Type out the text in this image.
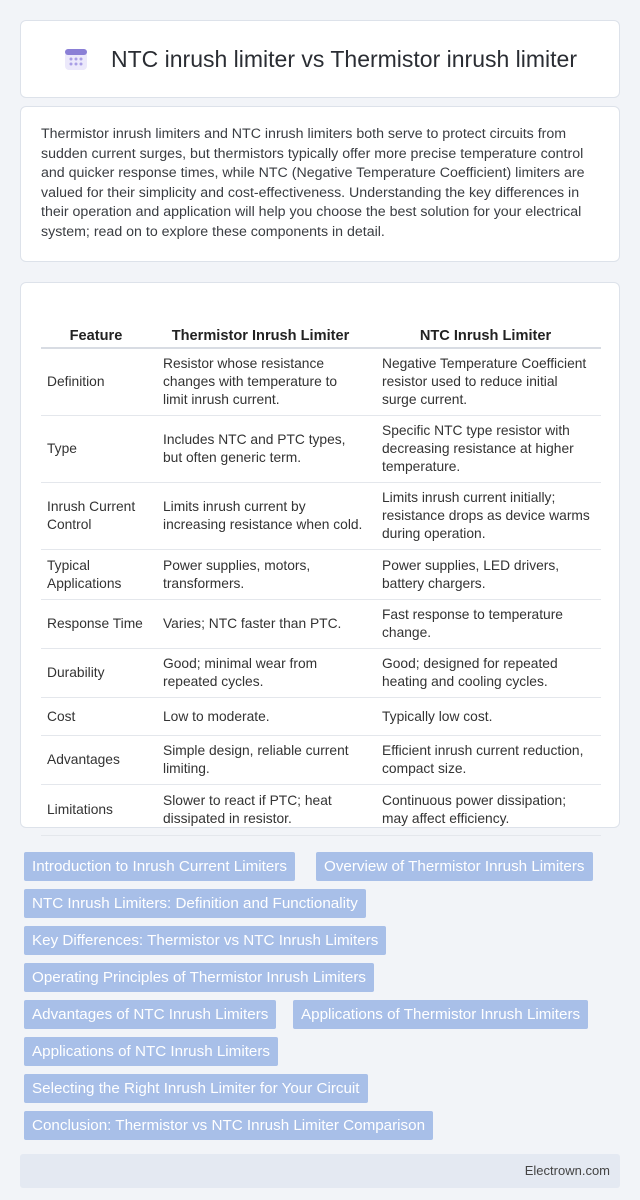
NTC inrush limiter vs Thermistor inrush limiter

Thermistor inrush limiters and NTC inrush limiters both serve to protect circuits from sudden current surges, but thermistors typically offer more precise temperature control and quicker response times, while NTC (Negative Temperature Coefficient) limiters are valued for their simplicity and cost-effectiveness. Understanding the key differences in their operation and application will help you choose the best solution for your electrical system; read on to explore these components in detail.

Feature	Thermistor Inrush Limiter	NTC Inrush Limiter
Definition	Resistor whose resistance changes with temperature to limit inrush current.	Negative Temperature Coefficient resistor used to reduce initial surge current.
Type	Includes NTC and PTC types, but often generic term.	Specific NTC type resistor with decreasing resistance at higher temperature.
Inrush Current Control	Limits inrush current by increasing resistance when cold.	Limits inrush current initially; resistance drops as device warms during operation.
Typical Applications	Power supplies, motors, transformers.	Power supplies, LED drivers, battery chargers.
Response Time	Varies; NTC faster than PTC.	Fast response to temperature change.
Durability	Good; minimal wear from repeated cycles.	Good; designed for repeated heating and cooling cycles.
Cost	Low to moderate.	Typically low cost.
Advantages	Simple design, reliable current limiting.	Efficient inrush current reduction, compact size.
Limitations	Slower to react if PTC; heat dissipated in resistor.	Continuous power dissipation; may affect efficiency.
Introduction to Inrush Current Limiters	Overview of Thermistor Inrush Limiters
NTC Inrush Limiters: Definition and Functionality
Key Differences: Thermistor vs NTC Inrush Limiters
Operating Principles of Thermistor Inrush Limiters
Advantages of NTC Inrush Limiters	Applications of Thermistor Inrush Limiters
Applications of NTC Inrush Limiters
Selecting the Right Inrush Limiter for Your Circuit
Conclusion: Thermistor vs NTC Inrush Limiter Comparison
Electrown.com
